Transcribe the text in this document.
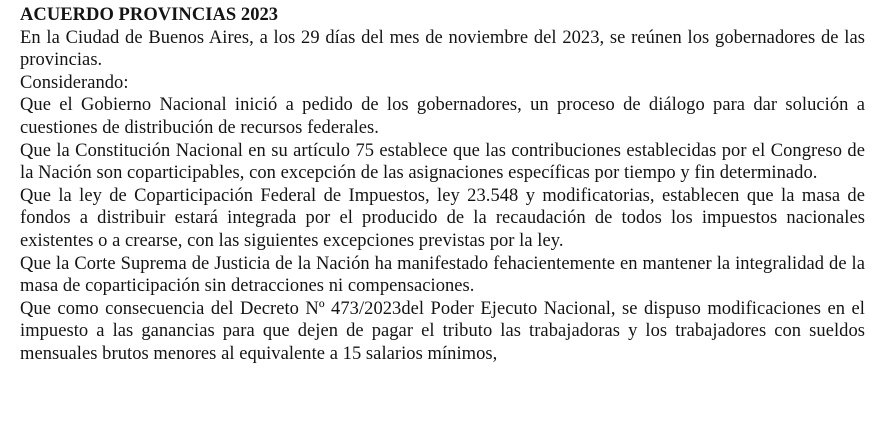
ACUERDO PROVINCIAS 2023
En la Ciudad de Buenos Aires, a los 29 días del mes de noviembre del 2023, se reúnen los gobernadores de las provincias.
Considerando:
Que el Gobierno Nacional inició a pedido de los gobernadores, un proceso de diálogo para dar solución a cuestiones de distribución de recursos federales.
Que la Constitución Nacional en su artículo 75 establece que las contribuciones establecidas por el Congreso de la Nación son coparticipables, con excepción de las asignaciones específicas por tiempo y fin determinado.
Que la ley de Coparticipación Federal de Impuestos, ley 23.548 y modificatorias, establecen que la masa de fondos a distribuir estará integrada por el producido de la recaudación de todos los impuestos nacionales existentes o a crearse, con las siguientes excepciones previstas por la ley.
Que la Corte Suprema de Justicia de la Nación ha manifestado fehacientemente en mantener la integralidad de la masa de coparticipación sin detracciones ni compensaciones.
Que como consecuencia del Decreto Nº 473/2023del Poder Ejecuto Nacional, se dispuso modificaciones en el impuesto a las ganancias para que dejen de pagar el tributo las trabajadoras y los trabajadores con sueldos mensuales brutos menores al equivalente a 15 salarios mínimos,
